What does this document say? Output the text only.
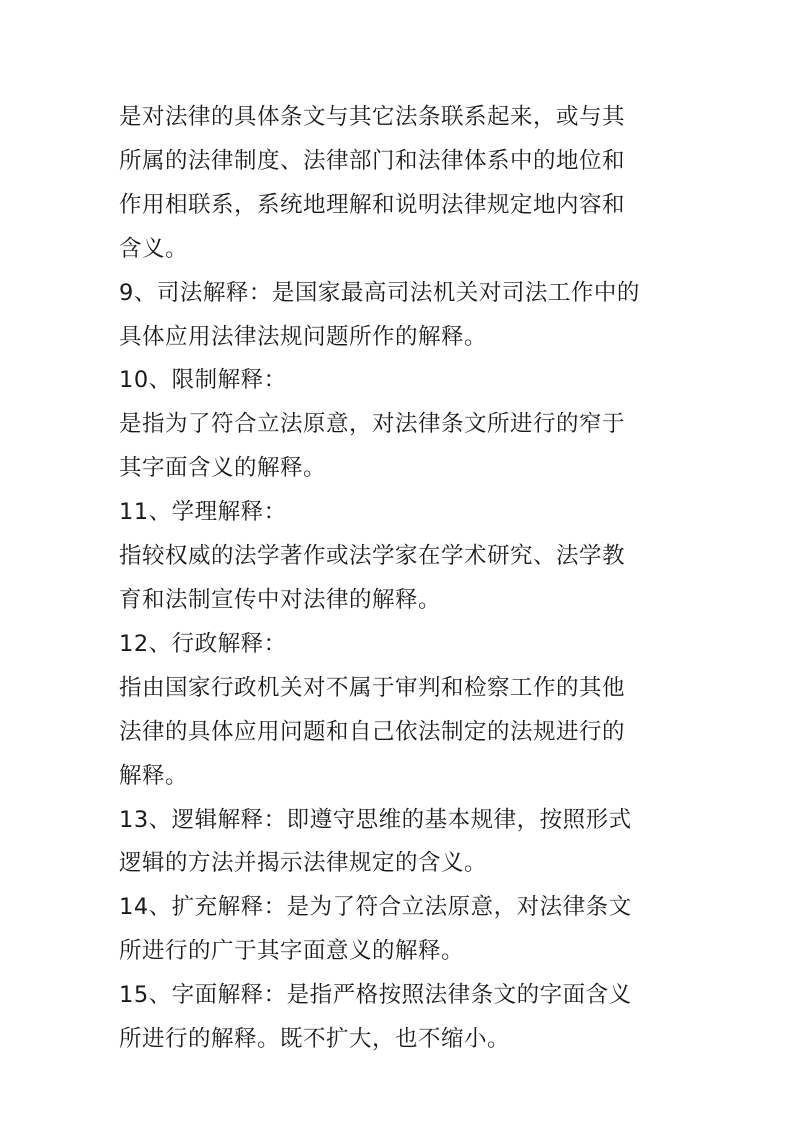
是对法律的具体条文与其它法条联系起来，或与其
所属的法律制度、法律部门和法律体系中的地位和
作用相联系，系统地理解和说明法律规定地内容和
含义。

9、司法解释：是国家最高司法机关对司法工作中的
具体应用法律法规问题所作的解释。

10、限制解释：

是指为了符合立法原意，对法律条文所进行的窄于
其字面含义的解释。

11、学理解释：

指较权威的法学著作或法学家在学术研究、法学教
育和法制宣传中对法律的解释。

12、行政解释：

指由国家行政机关对不属于审判和检察工作的其他
法律的具体应用问题和自己依法制定的法规进行的
解释。

13、逻辑解释：即遵守思维的基本规律，按照形式
逻辑的方法并揭示法律规定的含义。

14、扩充解释：是为了符合立法原意，对法律条文
所进行的广于其字面意义的解释。

15、字面解释：是指严格按照法律条文的字面含义
所进行的解释。既不扩大，也不缩小。
